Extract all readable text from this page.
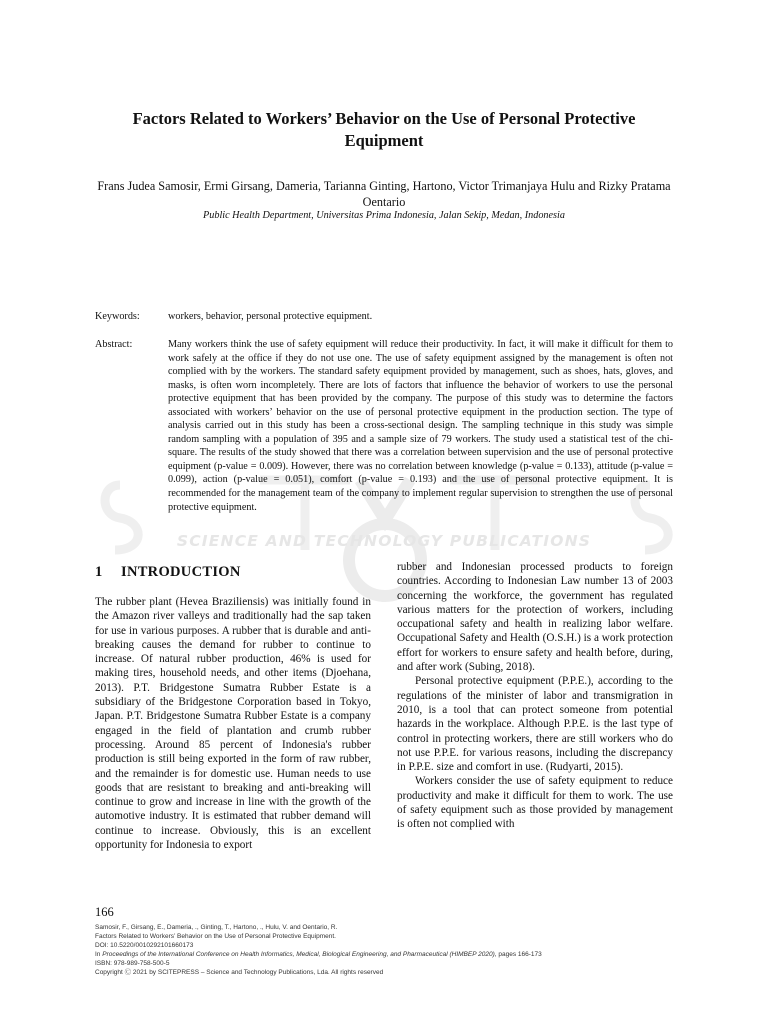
Factors Related to Workers’ Behavior on the Use of Personal Protective Equipment
Frans Judea Samosir, Ermi Girsang, Dameria, Tarianna Ginting, Hartono, Victor Trimanjaya Hulu and Rizky Pratama Oentario
Public Health Department, Universitas Prima Indonesia, Jalan Sekip, Medan, Indonesia
Keywords:	workers, behavior, personal protective equipment.
Abstract:	Many workers think the use of safety equipment will reduce their productivity. In fact, it will make it difficult for them to work safely at the office if they do not use one. The use of safety equipment assigned by the management is often not complied with by the workers. The standard safety equipment provided by management, such as shoes, hats, gloves, and masks, is often worn incompletely. There are lots of factors that influence the behavior of workers to use the personal protective equipment that has been provided by the company. The purpose of this study was to determine the factors associated with workers’ behavior on the use of personal protective equipment in the production section. The type of analysis carried out in this study has been a cross-sectional design. The sampling technique in this study was simple random sampling with a population of 395 and a sample size of 79 workers. The study used a statistical test of the chi-square. The results of the study showed that there was a correlation between supervision and the use of personal protective equipment (p-value = 0.009). However, there was no correlation between knowledge (p-value = 0.133), attitude (p-value = 0.099), action (p-value = 0.051), comfort (p-value = 0.193) and the use of personal protective equipment. It is recommended for the management team of the company to implement regular supervision to strengthen the use of personal protective equipment.

SCIENCE AND TECHNOLOGY PUBLICATIONS
1 INTRODUCTION

The rubber plant (Hevea Braziliensis) was initially found in the Amazon river valleys and traditionally had the sap taken for use in various purposes. A rubber that is durable and anti-breaking causes the demand for rubber to continue to increase. Of natural rubber production, 46% is used for making tires, household needs, and other items (Djoehana, 2013). P.T. Bridgestone Sumatra Rubber Estate is a subsidiary of the Bridgestone Corporation based in Tokyo, Japan. P.T. Bridgestone Sumatra Rubber Estate is a company engaged in the field of plantation and crumb rubber processing. Around 85 percent of Indonesia's rubber production is still being exported in the form of raw rubber, and the remainder is for domestic use. Human needs to use goods that are resistant to breaking and anti-breaking will continue to grow and increase in line with the growth of the automotive industry. It is estimated that rubber demand will continue to increase. Obviously, this is an excellent opportunity for Indonesia to export

rubber and Indonesian processed products to foreign countries. According to Indonesian Law number 13 of 2003 concerning the workforce, the government has regulated various matters for the protection of workers, including occupational safety and health in realizing labor welfare. Occupational Safety and Health (O.S.H.) is a work protection effort for workers to ensure safety and health before, during, and after work (Subing, 2018).

Personal protective equipment (P.P.E.), according to the regulations of the minister of labor and transmigration in 2010, is a tool that can protect someone from potential hazards in the workplace. Although P.P.E. is the last type of control in protecting workers, there are still workers who do not use P.P.E. for various reasons, including the discrepancy in P.P.E. size and comfort in use. (Rudyarti, 2015).

Workers consider the use of safety equipment to reduce productivity and make it difficult for them to work. The use of safety equipment such as those provided by management is often not complied with

166
Samosir, F., Girsang, E., Dameria, ., Ginting, T., Hartono, ., Hulu, V. and Oentario, R.
Factors Related to Workers’ Behavior on the Use of Personal Protective Equipment.
DOI: 10.5220/0010292101660173
In Proceedings of the International Conference on Health Informatics, Medical, Biological Engineering, and Pharmaceutical (HIMBEP 2020), pages 166-173
ISBN: 978-989-758-500-5
Copyright Ⓒ 2021 by SCITEPRESS – Science and Technology Publications, Lda. All rights reserved
